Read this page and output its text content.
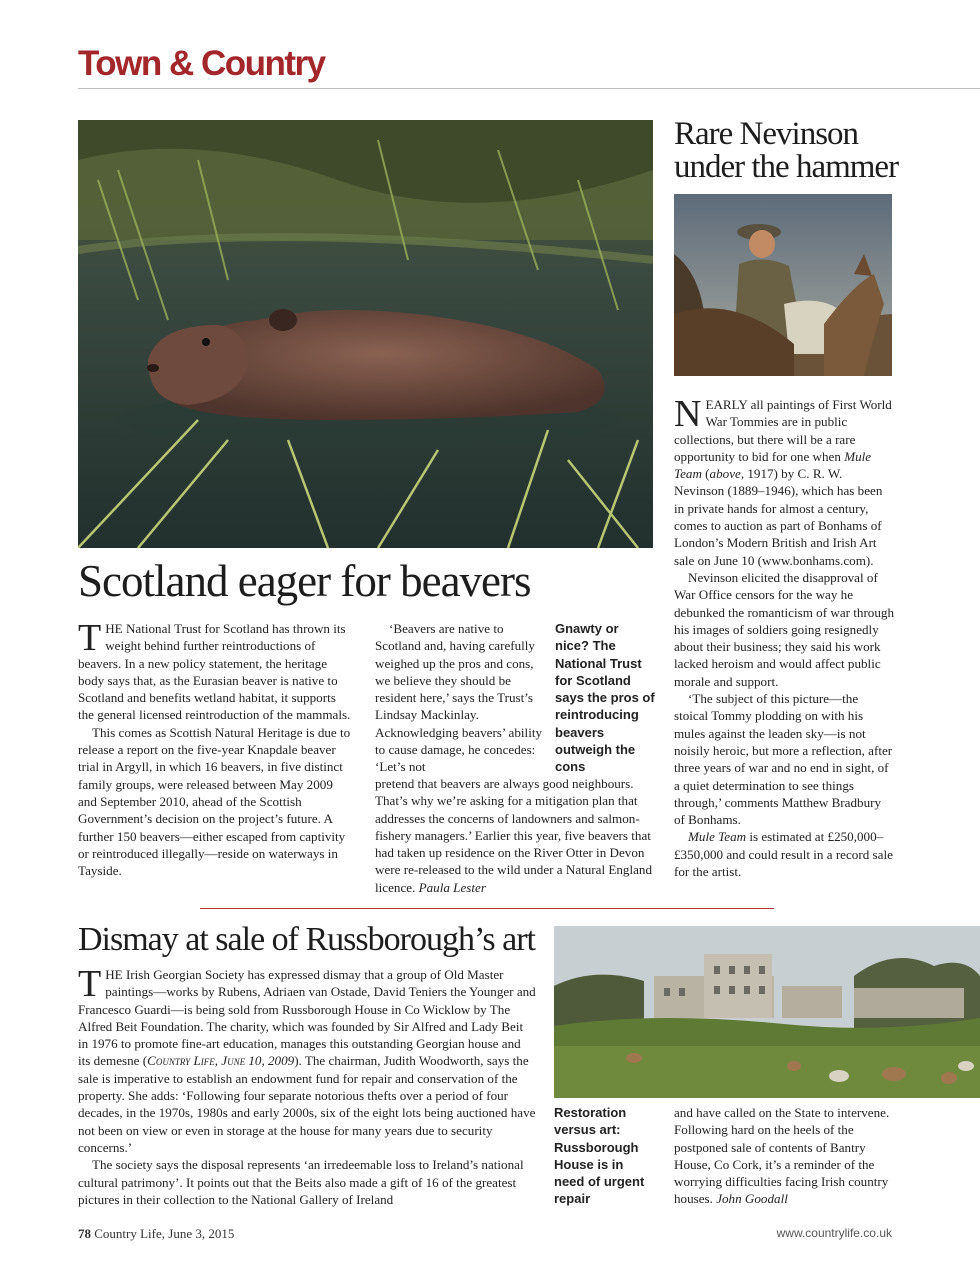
Town & Country
Scotland eager for beavers

THE National Trust for Scotland has thrown its weight behind further reintroductions of beavers. In a new policy statement, the heritage body says that, as the Eurasian beaver is native to Scotland and benefits wetland habitat, it supports the general licensed reintroduction of the mammals.

This comes as Scottish Natural Heritage is due to release a report on the five-year Knapdale beaver trial in Argyll, in which 16 beavers, in five distinct family groups, were released between May 2009 and September 2010, ahead of the Scottish Government’s decision on the project’s future. A further 150 beavers—either escaped from captivity or reintroduced illegally—reside on waterways in Tayside.

‘Beavers are native to Scotland and, having carefully weighed up the pros and cons, we believe they should be resident here,’ says the Trust’s Lindsay Mackinlay. Acknowledging beavers’ ability to cause damage, he concedes: ‘Let’s not

pretend that beavers are always good neighbours. That’s why we’re asking for a mitigation plan that addresses the concerns of landowners and salmon-fishery managers.’ Earlier this year, five beavers that had taken up residence on the River Otter in Devon were re-released to the wild under a Natural England licence. Paula Lester

Gnawty or nice? The National Trust for Scotland says the pros of reintroducing beavers outweigh the cons
Rare Nevinson
under the hammer

NEARLY all paintings of First World War Tommies are in public collections, but there will be a rare opportunity to bid for one when Mule Team (above, 1917) by C. R. W. Nevinson (1889–1946), which has been in private hands for almost a century, comes to auction as part of Bonhams of London’s Modern British and Irish Art sale on June 10 (www.bonhams.com).

Nevinson elicited the disapproval of War Office censors for the way he debunked the romanticism of war through his images of soldiers going resignedly about their business; they said his work lacked heroism and would affect public morale and support.

‘The subject of this picture—the stoical Tommy plodding on with his mules against the leaden sky—is not noisily heroic, but more a reflection, after three years of war and no end in sight, of a quiet determination to see things through,’ comments Matthew Bradbury of Bonhams.

Mule Team is estimated at £250,000–£350,000 and could result in a record sale for the artist.

Dismay at sale of Russborough’s art

THE Irish Georgian Society has expressed dismay that a group of Old Master paintings—works by Rubens, Adriaen van Ostade, David Teniers the Younger and Francesco Guardi—is being sold from Russborough House in Co Wicklow by The Alfred Beit Foundation. The charity, which was founded by Sir Alfred and Lady Beit in 1976 to promote fine-art education, manages this outstanding Georgian house and its demesne (Country Life, June 10, 2009). The chairman, Judith Woodworth, says the sale is imperative to establish an endowment fund for repair and conservation of the property. She adds: ‘Following four separate notorious thefts over a period of four decades, in the 1970s, 1980s and early 2000s, six of the eight lots being auctioned have not been on view or even in storage at the house for many years due to security concerns.’

The society says the disposal represents ‘an irredeemable loss to Ireland’s national cultural patrimony’. It points out that the Beits also made a gift of 16 of the greatest pictures in their collection to the National Gallery of Ireland

Restoration versus art: Russborough House is in need of urgent repair

and have called on the State to intervene. Following hard on the heels of the postponed sale of contents of Bantry House, Co Cork, it’s a reminder of the worrying difficulties facing Irish country houses. John Goodall

78 Country Life, June 3, 2015	www.countrylife.co.uk
